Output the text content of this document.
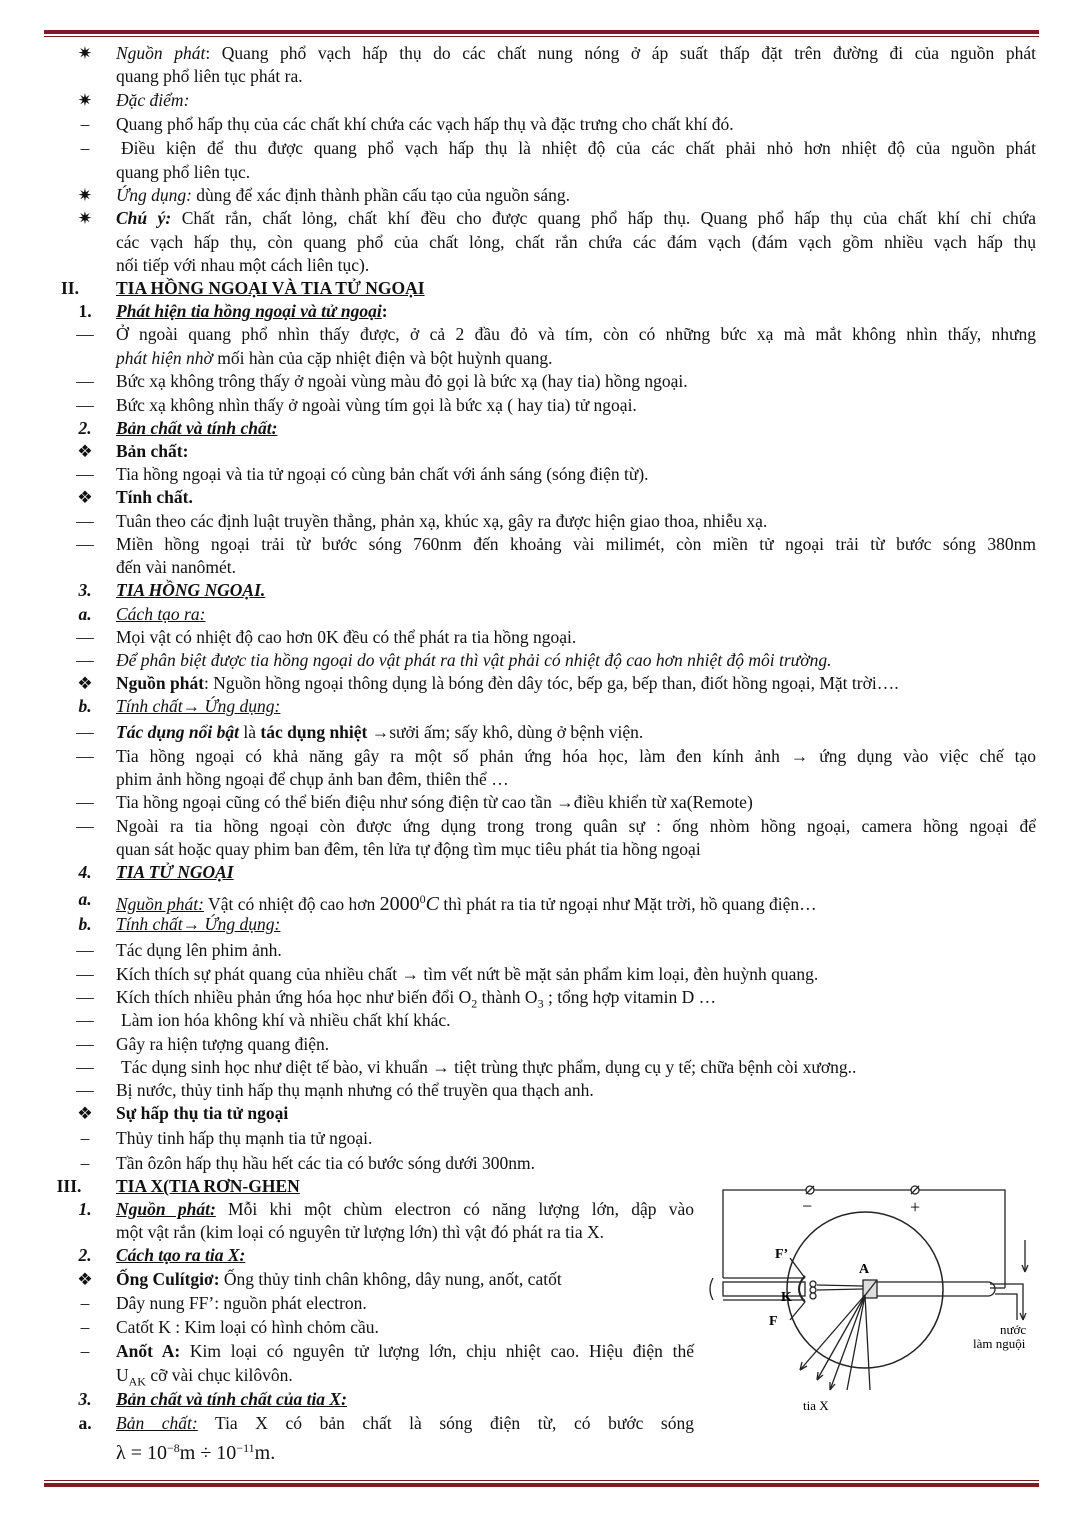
✷	Nguồn phát: Quang phổ vạch hấp thụ do các chất nung nóng ở áp suất thấp đặt trên đường đi của nguồn phát
quang phổ liên tục phát ra.
✷	Đặc điểm:
–	Quang phổ hấp thụ của các chất khí chứa các vạch hấp thụ và đặc trưng cho chất khí đó.
–	Điều kiện để thu được quang phổ vạch hấp thụ là nhiệt độ của các chất phải nhỏ hơn nhiệt độ của nguồn phát
quang phổ liên tục.
✷	Ứng dụng: dùng để xác định thành phần cấu tạo của nguồn sáng.
✷	Chú ý: Chất rắn, chất lỏng, chất khí đều cho được quang phổ hấp thụ. Quang phổ hấp thụ của chất khí chỉ chứa
các vạch hấp thụ, còn quang phổ của chất lỏng, chất rắn chứa các đám vạch (đám vạch gồm nhiều vạch hấp thụ
nối tiếp với nhau một cách liên tục).
II.	TIA HỒNG NGOẠI VÀ TIA TỬ NGOẠI
1.	Phát hiện tia hồng ngoại và tử ngoại:
—	Ở ngoài quang phổ nhìn thấy được, ở cả 2 đầu đỏ và tím, còn có những bức xạ mà mắt không nhìn thấy, nhưng
phát hiện nhờ mối hàn của cặp nhiệt điện và bột huỳnh quang.
—	Bức xạ không trông thấy ở ngoài vùng màu đỏ gọi là bức xạ (hay tia) hồng ngoại.
—	Bức xạ không nhìn thấy ở ngoài vùng tím gọi là bức xạ ( hay tia) tử ngoại.
2.	Bản chất và tính chất:
❖	Bản chất:
—	Tia hồng ngoại và tia tử ngoại có cùng bản chất với ánh sáng (sóng điện từ).
❖	Tính chất.
—	Tuân theo các định luật truyền thẳng, phản xạ, khúc xạ, gây ra được hiện giao thoa, nhiễu xạ.
—	Miền hồng ngoại trải từ bước sóng 760nm đến khoảng vài milimét, còn miền tử ngoại trải từ bước sóng 380nm
đến vài nanômét.
3.	TIA HỒNG NGOẠI.
a.	Cách tạo ra:
—	Mọi vật có nhiệt độ cao hơn 0K đều có thể phát ra tia hồng ngoại.
—	Để phân biệt được tia hồng ngoại do vật phát ra thì vật phải có nhiệt độ cao hơn nhiệt độ môi trường.
❖	Nguồn phát: Nguồn hồng ngoại thông dụng là bóng đèn dây tóc, bếp ga, bếp than, điốt hồng ngoại, Mặt trời….
b.	Tính chất→ Ứng dụng:
—	Tác dụng nổi bật là tác dụng nhiệt →sưởi ấm; sấy khô, dùng ở bệnh viện.
—	Tia hồng ngoại có khả năng gây ra một số phản ứng hóa học, làm đen kính ảnh → ứng dụng vào việc chế tạo
phim ảnh hồng ngoại để chụp ảnh ban đêm, thiên thể …
—	Tia hồng ngoại cũng có thể biến điệu như sóng điện từ cao tần →điều khiển từ xa(Remote)
—	Ngoài ra tia hồng ngoại còn được ứng dụng trong trong quân sự : ống nhòm hồng ngoại, camera hồng ngoại để
quan sát hoặc quay phim ban đêm, tên lửa tự động tìm mục tiêu phát tia hồng ngoại
4.	TIA TỬ NGOẠI
a.	Nguồn phát: Vật có nhiệt độ cao hơn 2000$^0$C thì phát ra tia tử ngoại như Mặt trời, hồ quang điện…
b.	Tính chất→ Ứng dụng:
—	Tác dụng lên phim ảnh.
—	Kích thích sự phát quang của nhiều chất → tìm vết nứt bề mặt sản phẩm kim loại, đèn huỳnh quang.
—	Kích thích nhiều phản ứng hóa học như biến đổi $O_2$ thành $O_3$ ; tổng hợp vitamin D …
—	Làm ion hóa không khí và nhiều chất khí khác.
—	Gây ra hiện tượng quang điện.
—	Tác dụng sinh học như diệt tế bào, vi khuẩn → tiệt trùng thực phẩm, dụng cụ y tế; chữa bệnh còi xương..
—	Bị nước, thủy tinh hấp thụ mạnh nhưng có thể truyền qua thạch anh.
❖	Sự hấp thụ tia tử ngoại
–	Thủy tinh hấp thụ mạnh tia tử ngoại.
–	Tần ôzôn hấp thụ hầu hết các tia có bước sóng dưới 300nm.
III.	TIA X(TIA RƠN-GHEN
1.	Nguồn phát: Mỗi khi một chùm electron có năng lượng lớn, dập vào
một vật rắn (kim loại có nguyên tử lượng lớn) thì vật đó phát ra tia X.
2.	Cách tạo ra tia X:
❖	Ống Culítgiơ: Ống thủy tinh chân không, dây nung, anốt, catốt
–	Dây nung FF’: nguồn phát electron.
–	Catốt K : Kim loại có hình chỏm cầu.
–	Anốt A: Kim loại có nguyên tử lượng lớn, chịu nhiệt cao. Hiệu điện thế
$U_{AK}$ cỡ vài chục kilôvôn.
3.	Bản chất và tính chất của tia X:
a.	Bản chất: Tia X có bản chất là sóng điện từ, có bước sóng
$\lambda = 10^{-8}m \div 10^{-11}m$.
−	+
F’
A
K
F
nước
làm nguội
tia X
